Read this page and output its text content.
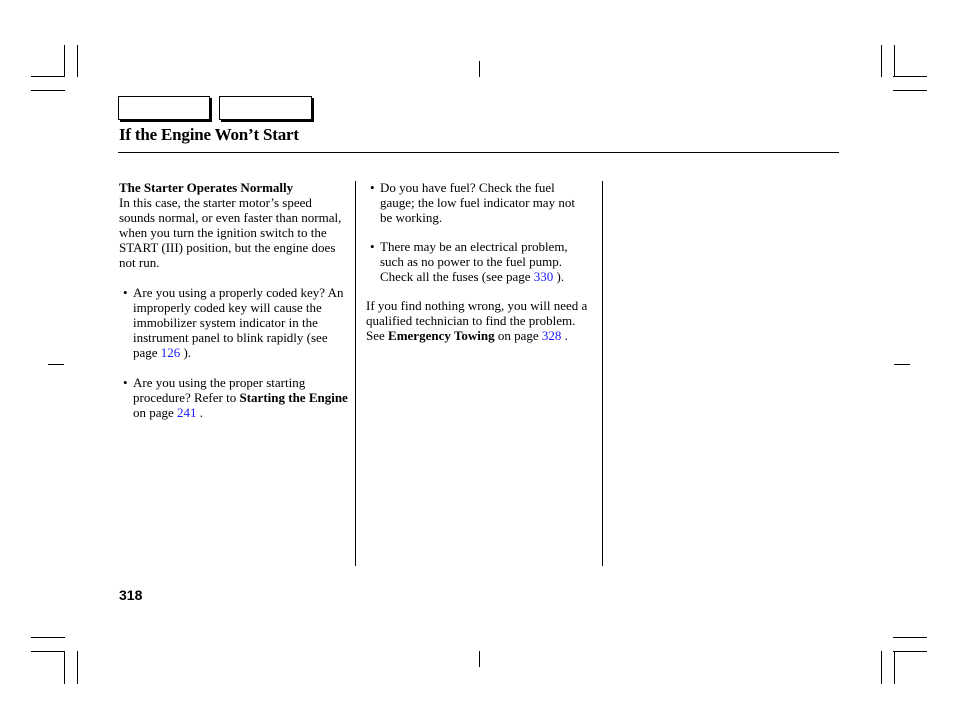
If the Engine Won’t Start

The Starter Operates Normally

In this case, the starter motor’s speed sounds normal, or even faster than normal, when you turn the ignition switch to the START (III) position, but the engine does not run.

• Are you using a properly coded key? An improperly coded key will cause the immobilizer system indicator in the instrument panel to blink rapidly (see page 126 ).

• Are you using the proper starting procedure? Refer to Starting the Engine on page 241 .

• Do you have fuel? Check the fuel gauge; the low fuel indicator may not be working.

• There may be an electrical problem, such as no power to the fuel pump. Check all the fuses (see page 330 ).

If you find nothing wrong, you will need a qualified technician to find the problem. See Emergency Towing on page 328 .

318
